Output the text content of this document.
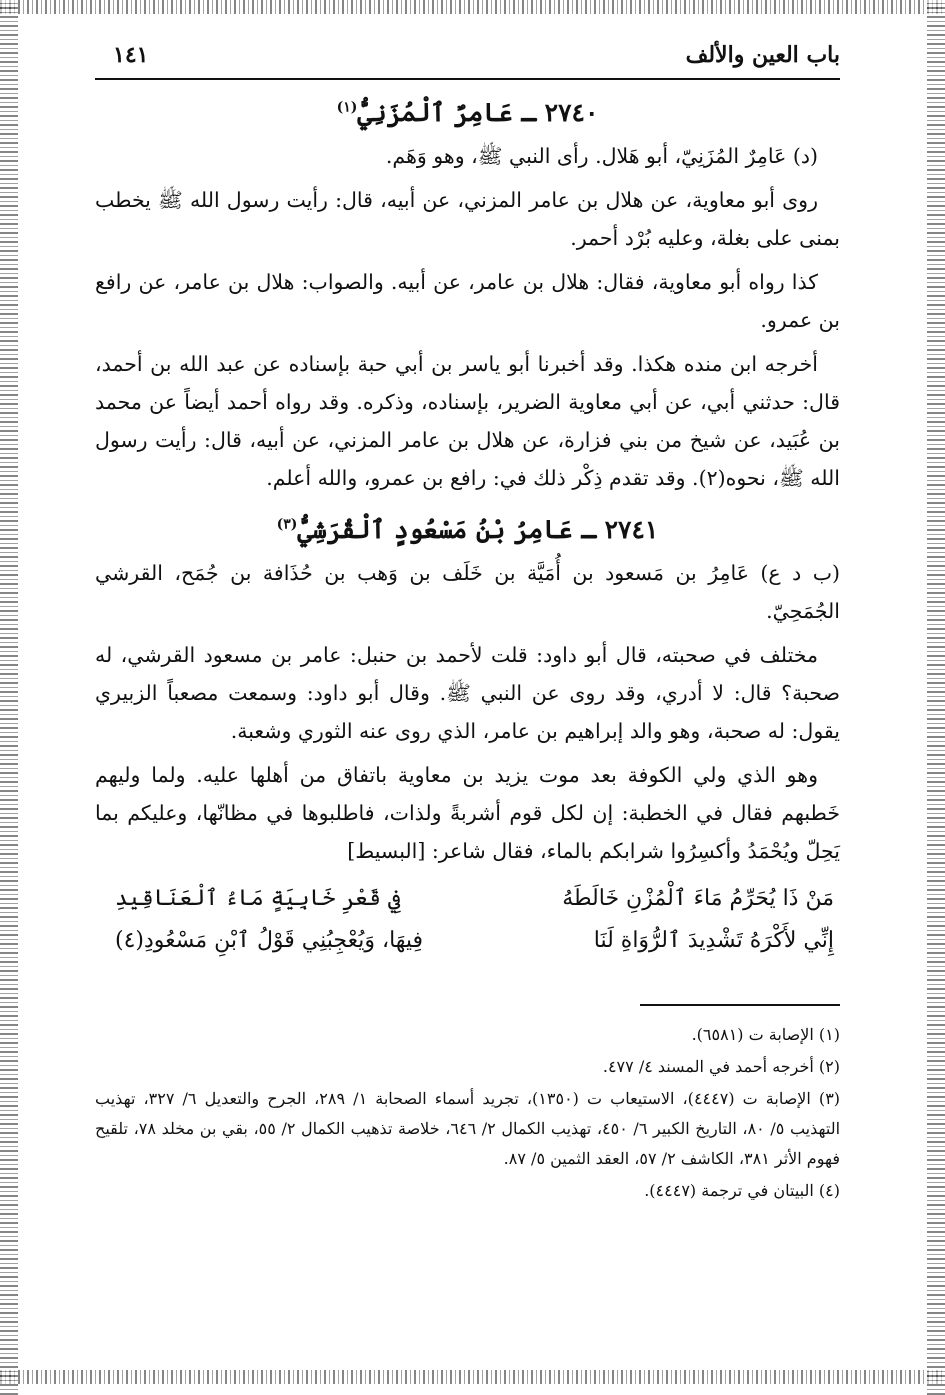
باب العين والألف
١٤١
٢٧٤٠ ـ عَامِرٌ ٱلْمُزَنِيُّ$^{(١)}$

(د) عَامِرٌ المُزَنِيّ، أبو هَلال. رأى النبي ﷺ، وهو وَهَم.

روى أبو معاوية، عن هلال بن عامر المزني، عن أبيه، قال: رأيت رسول الله ﷺ يخطب بمنى على بغلة، وعليه بُرْد أحمر.

كذا رواه أبو معاوية، فقال: هلال بن عامر، عن أبيه. والصواب: هلال بن عامر، عن رافع بن عمرو.

أخرجه ابن منده هكذا. وقد أخبرنا أبو ياسر بن أبي حبة بإسناده عن عبد الله بن أحمد، قال: حدثني أبي، عن أبي معاوية الضرير، بإسناده، وذكره. وقد رواه أحمد أيضاً عن محمد بن عُبَيد، عن شيخ من بني فزارة، عن هلال بن عامر المزني، عن أبيه، قال: رأيت رسول الله ﷺ، نحوه(٢). وقد تقدم ذِكْر ذلك في: رافع بن عمرو، والله أعلم.

٢٧٤١ ـ عَامِرُ بْنُ مَسْعُودٍ ٱلْقُرَشِيُّ$^{(٣)}$

(ب د ع) عَامِرُ بن مَسعود بن أُمَيَّة بن خَلَف بن وَهب بن حُذَافة بن جُمَح، القرشي الجُمَحِيّ.

مختلف في صحبته، قال أبو داود: قلت لأحمد بن حنبل: عامر بن مسعود القرشي، له صحبة؟ قال: لا أدري، وقد روى عن النبي ﷺ. وقال أبو داود: وسمعت مصعباً الزبيري يقول: له صحبة، وهو والد إبراهيم بن عامر، الذي روى عنه الثوري وشعبة.

وهو الذي ولي الكوفة بعد موت يزيد بن معاوية باتفاق من أهلها عليه. ولما وليهم خَطبهم فقال في الخطبة: إن لكل قوم أشربةً ولذات، فاطلبوها في مظانّها، وعليكم بما يَحِلّ ويُحْمَدُ وأكسِرُوا شرابكم بالماء، فقال شاعر: [البسيط]

مَنْ ذَا يُحَرِّمُ مَاءَ ٱلْمُزْنِ خَالَطَهُ
فِي قَعْرِ خَابِيَةٍ مَاءُ ٱلْعَنَاقِيدِ
إِنِّي لأَكْرَهُ تَشْدِيدَ ٱلرُّوَاةِ لَنَا
فِيهَا، وَيُعْجِبُنِي قَوْلُ ٱبْنِ مَسْعُودِ(٤)
(١) الإصابة ت (٦٥٨١).
(٢) أخرجه أحمد في المسند ٤/ ٤٧٧.
(٣) الإصابة ت (٤٤٤٧)، الاستيعاب ت (١٣٥٠)، تجريد أسماء الصحابة ١/ ٢٨٩، الجرح والتعديل ٦/ ٣٢٧، تهذيب التهذيب ٥/ ٨٠، التاريخ الكبير ٦/ ٤٥٠، تهذيب الكمال ٢/ ٦٤٦، خلاصة تذهيب الكمال ٢/ ٥٥، بقي بن مخلد ٧٨، تلقيح فهوم الأثر ٣٨١، الكاشف ٢/ ٥٧، العقد الثمين ٥/ ٨٧.
(٤) البيتان في ترجمة (٤٤٤٧).
